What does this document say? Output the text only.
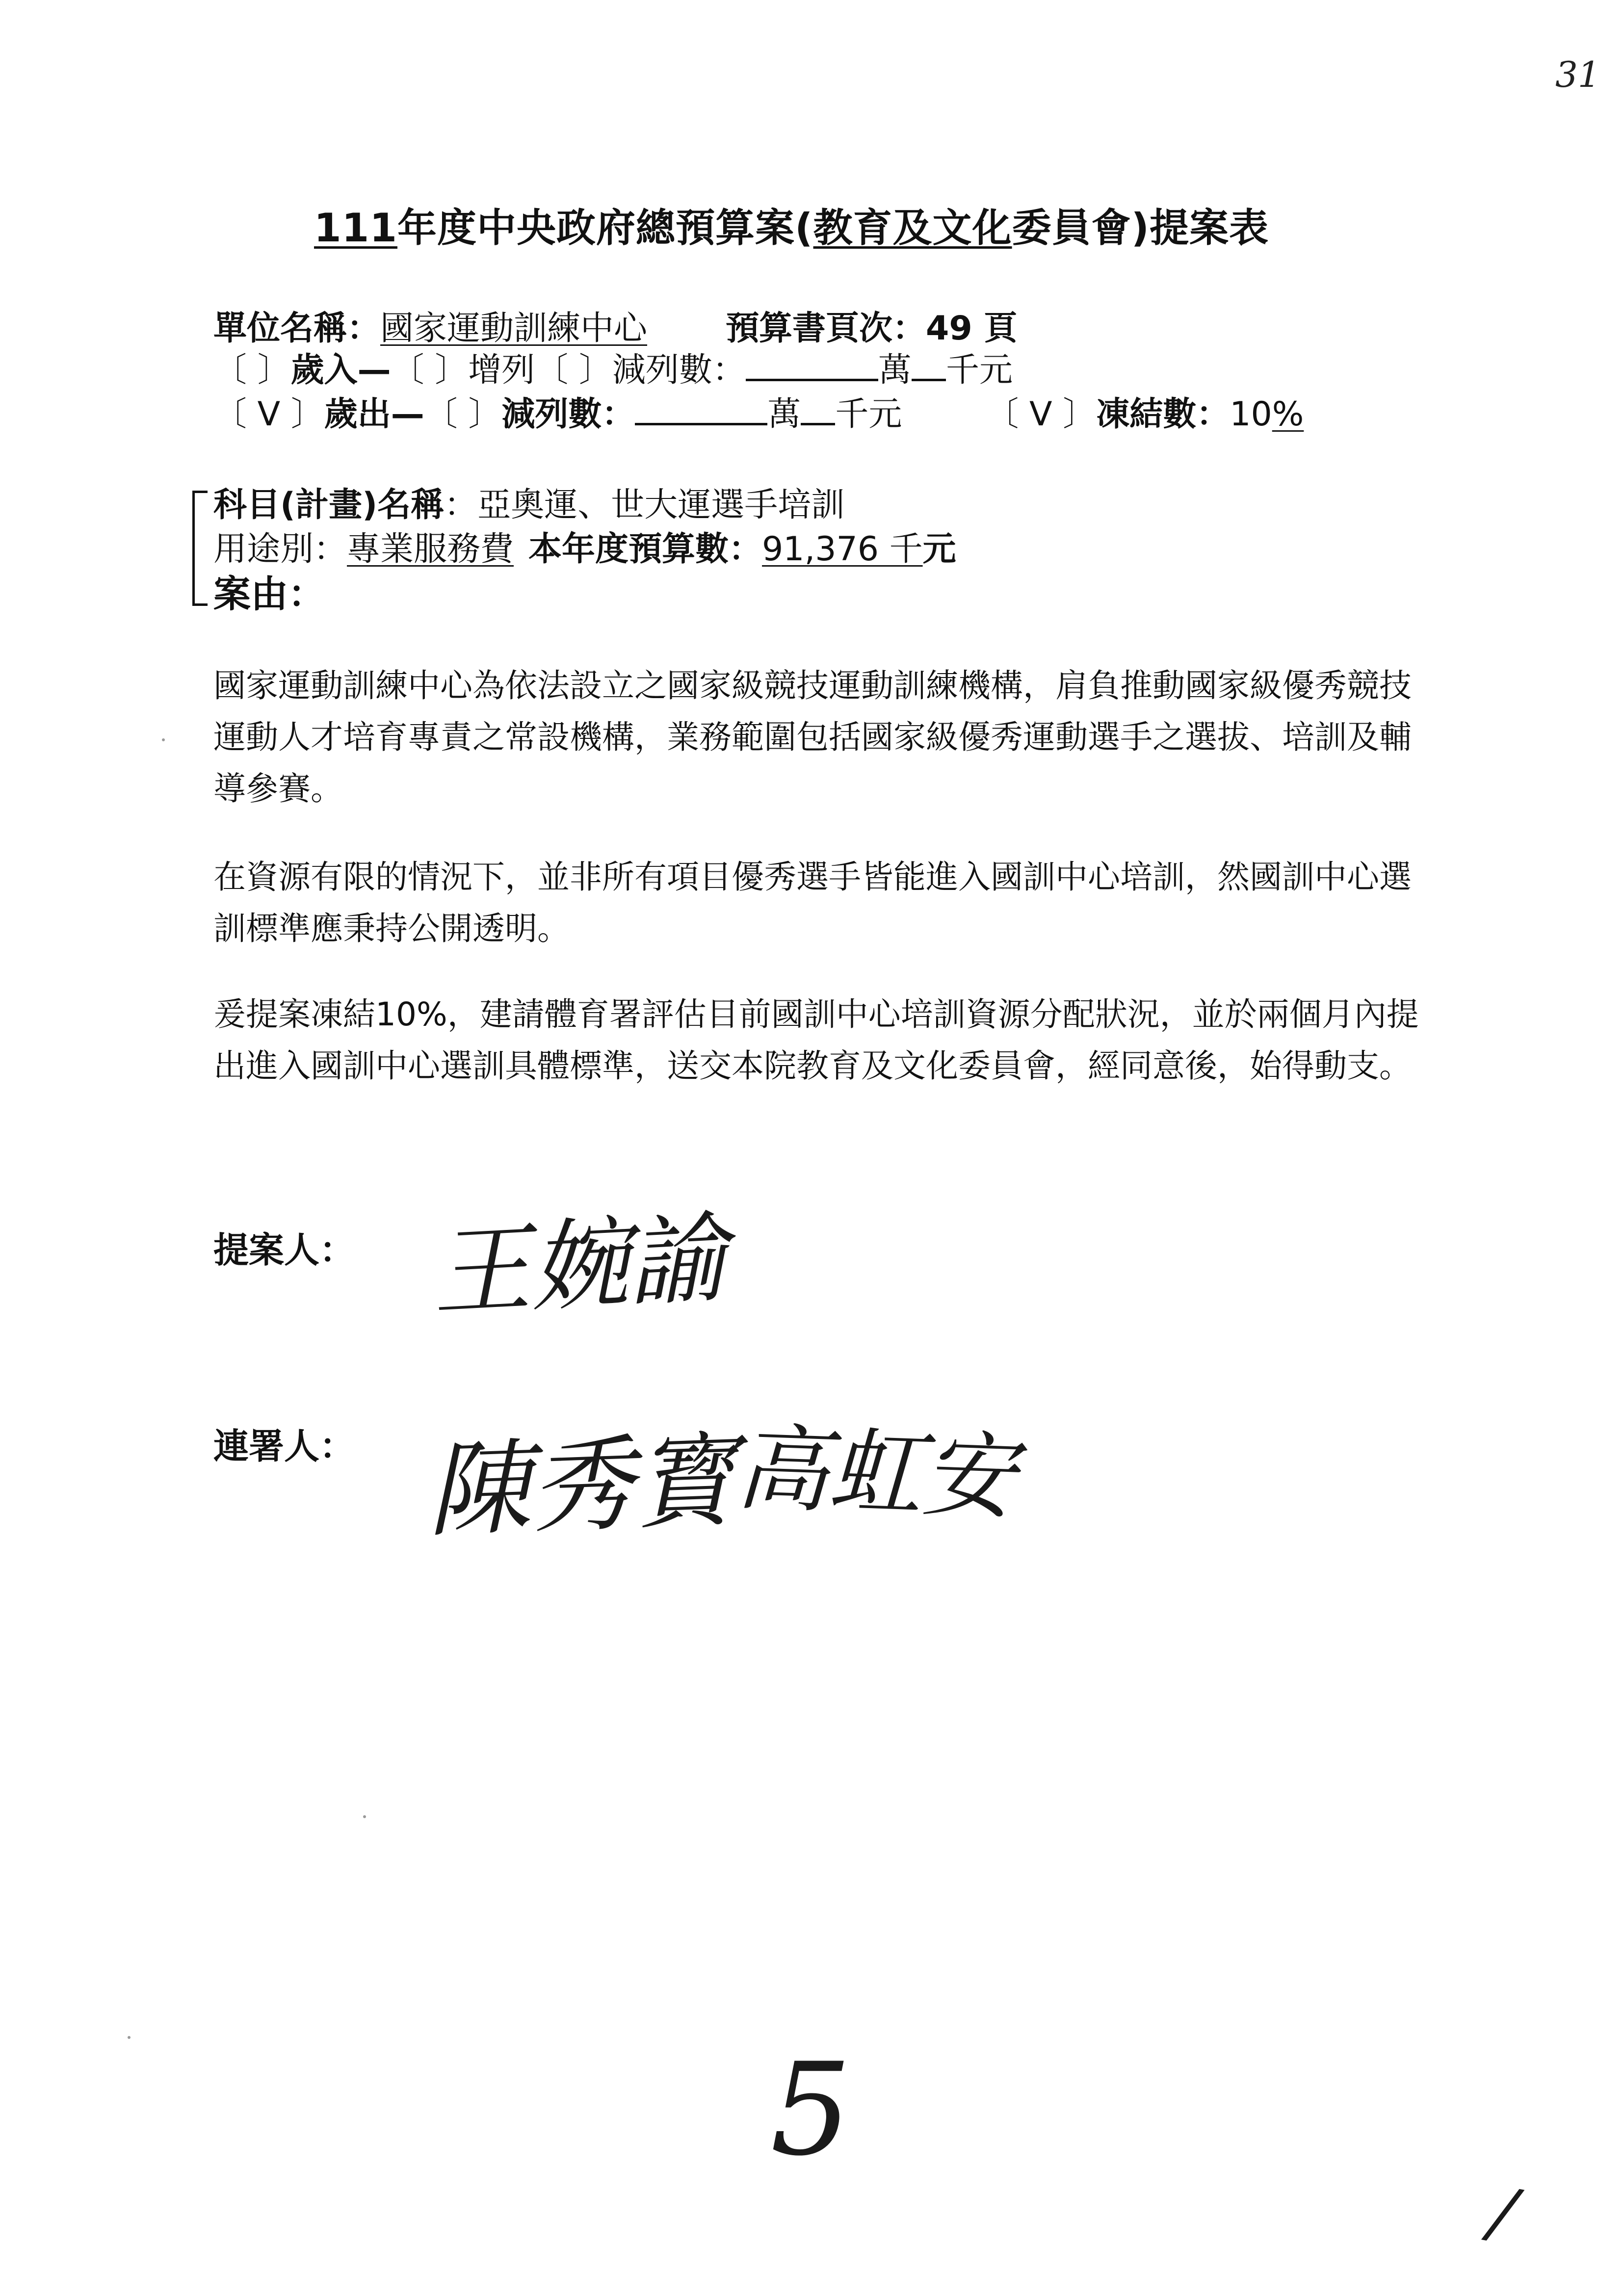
31
111年度中央政府總預算案(教育及文化委員會)提案表
單位名稱：國家運動訓練中心 預算書頁次：49 頁
〔 〕歲入—〔 〕增列〔 〕減列數：	萬 千元
〔 V 〕歲出—〔 〕減列數：	萬 千元	〔 V 〕凍結數：10%
科目(計畫)名稱：亞奧運、世大運選手培訓
用途別：專業服務費 本年度預算數：91,376 千元
案由：
國家運動訓練中心為依法設立之國家級競技運動訓練機構，肩負推動國家級優秀競技運動人才培育專責之常設機構，業務範圍包括國家級優秀運動選手之選拔、培訓及輔導參賽。
在資源有限的情況下，並非所有項目優秀選手皆能進入國訓中心培訓，然國訓中心選訓標準應秉持公開透明。
爰提案凍結10%，建請體育署評估目前國訓中心培訓資源分配狀況，並於兩個月內提出進入國訓中心選訓具體標準，送交本院教育及文化委員會，經同意後，始得動支。
提案人： 王婉諭
連署人： 陳秀寳
高虹安
5
/
